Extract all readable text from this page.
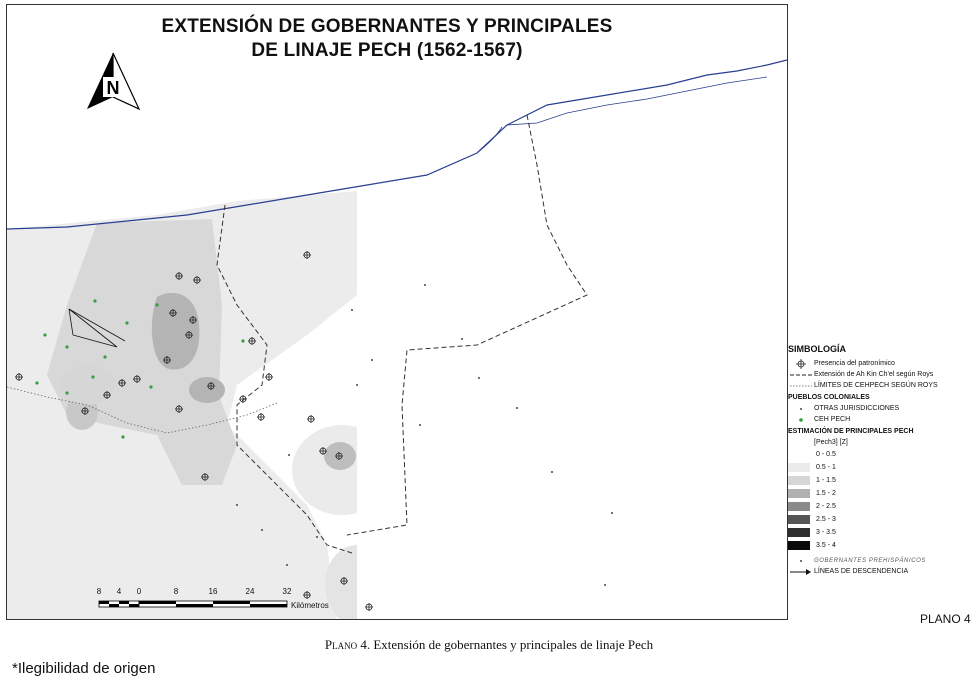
EXTENSIÓN DE GOBERNANTES Y PRINCIPALES
DE LINAJE PECH (1562-1567)
N
8 4 0	8	16	24	32
Kilómetros
SIMBOLOGÍA
Presencia del patronímico
Extensión de Ah Kin Ch'el según Roys
LÍMITES DE CEHPECH SEGÚN ROYS
PUEBLOS COLONIALES
OTRAS JURISDICCIONES
CEH PECH
ESTIMACIÓN DE PRINCIPALES PECH
[Pech3] [Z]
0 - 0.5
0.5 - 1
1 - 1.5
1.5 - 2
2 - 2.5
2.5 - 3
3 - 3.5
3.5 - 4
GOBERNANTES PREHISPÁNICOS
LÍNEAS DE DESCENDENCIA
PLANO 4
Plano 4. Extensión de gobernantes y principales de linaje Pech
*Ilegibilidad de origen
